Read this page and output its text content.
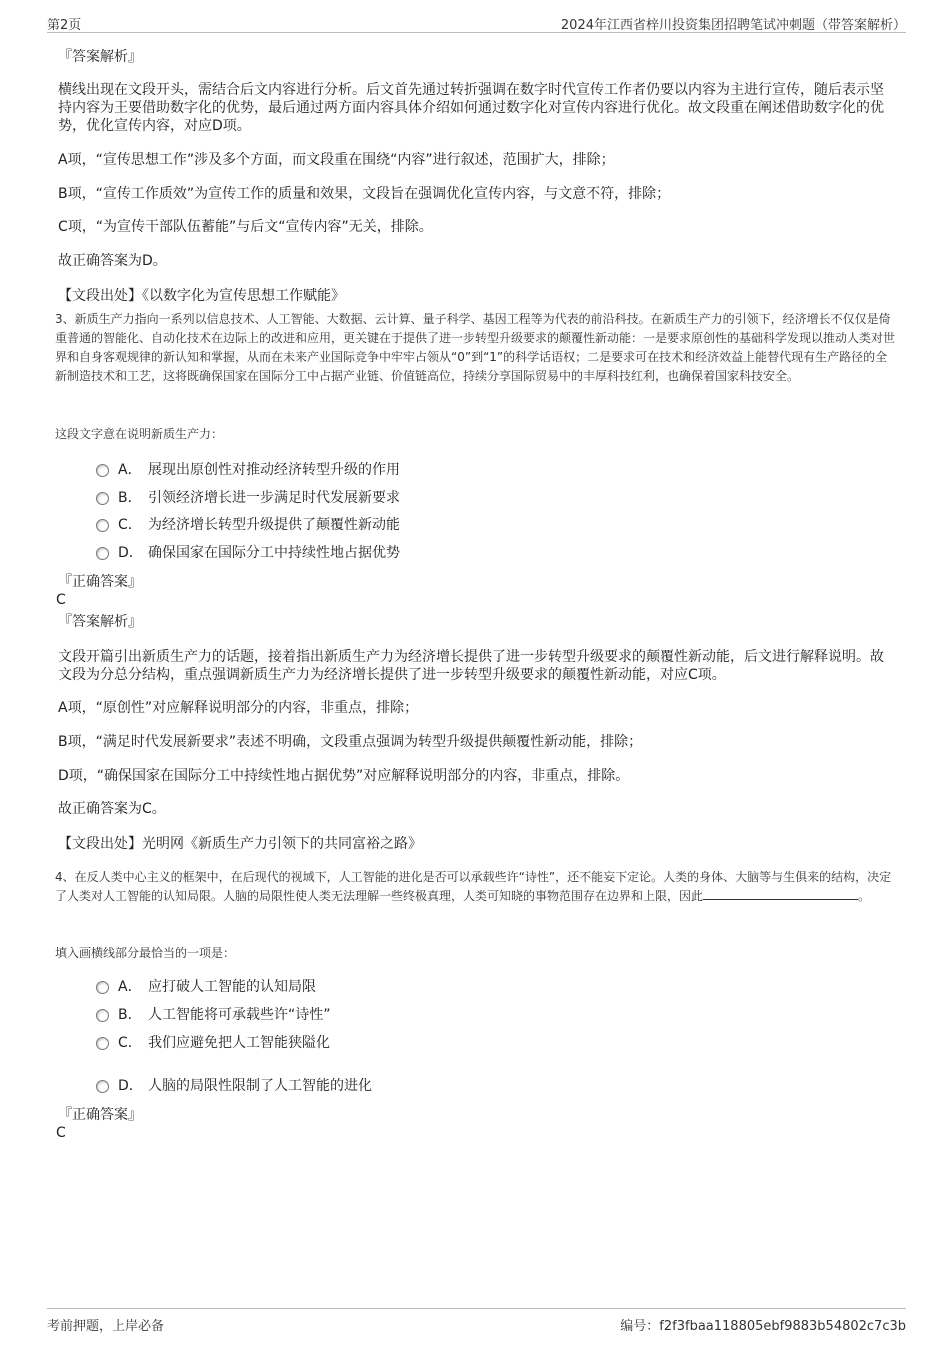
第2页	2024年江西省梓川投资集团招聘笔试冲刺题（带答案解析）
『答案解析』

横线出现在文段开头，需结合后文内容进行分析。后文首先通过转折强调在数字时代宣传工作者仍要以内容为主进行宣传，随后表示坚持内容为王要借助数字化的优势，最后通过两方面内容具体介绍如何通过数字化对宣传内容进行优化。故文段重在阐述借助数字化的优势，优化宣传内容，对应D项。

A项，“宣传思想工作”涉及多个方面，而文段重在围绕“内容”进行叙述，范围扩大，排除；

B项，“宣传工作质效”为宣传工作的质量和效果，文段旨在强调优化宣传内容，与文意不符，排除；

C项，“为宣传干部队伍蓄能”与后文“宣传内容”无关，排除。

故正确答案为D。

【文段出处】《以数字化为宣传思想工作赋能》

3、新质生产力指向一系列以信息技术、人工智能、大数据、云计算、量子科学、基因工程等为代表的前沿科技。在新质生产力的引领下，经济增长不仅仅是倚重普通的智能化、自动化技术在边际上的改进和应用，更关键在于提供了进一步转型升级要求的颠覆性新动能：一是要求原创性的基础科学发现以推动人类对世界和自身客观规律的新认知和掌握，从而在未来产业国际竞争中牢牢占领从“0”到“1”的科学话语权；二是要求可在技术和经济效益上能替代现有生产路径的全新制造技术和工艺，这将既确保国家在国际分工中占据产业链、价值链高位，持续分享国际贸易中的丰厚科技红利，也确保着国家科技安全。

这段文字意在说明新质生产力：
A． 展现出原创性对推动经济转型升级的作用
B． 引领经济增长进一步满足时代发展新要求
C． 为经济增长转型升级提供了颠覆性新动能
D． 确保国家在国际分工中持续性地占据优势
『正确答案』
C
『答案解析』

文段开篇引出新质生产力的话题，接着指出新质生产力为经济增长提供了进一步转型升级要求的颠覆性新动能，后文进行解释说明。故文段为分总分结构，重点强调新质生产力为经济增长提供了进一步转型升级要求的颠覆性新动能，对应C项。

A项，“原创性”对应解释说明部分的内容，非重点，排除；

B项，“满足时代发展新要求”表述不明确，文段重点强调为转型升级提供颠覆性新动能，排除；

D项，“确保国家在国际分工中持续性地占据优势”对应解释说明部分的内容，非重点，排除。

故正确答案为C。

【文段出处】光明网《新质生产力引领下的共同富裕之路》

4、在反人类中心主义的框架中，在后现代的视域下，人工智能的进化是否可以承载些许“诗性”，还不能妄下定论。人类的身体、大脑等与生俱来的结构，决定了人类对人工智能的认知局限。人脑的局限性使人类无法理解一些终极真理，人类可知晓的事物范围存在边界和上限，因此	。

填入画横线部分最恰当的一项是：
A． 应打破人工智能的认知局限
B． 人工智能将可承载些许“诗性”
C． 我们应避免把人工智能狭隘化
D． 人脑的局限性限制了人工智能的进化
『正确答案』
C
考前押题，上岸必备	编号：f2f3fbaa118805ebf9883b54802c7c3b
